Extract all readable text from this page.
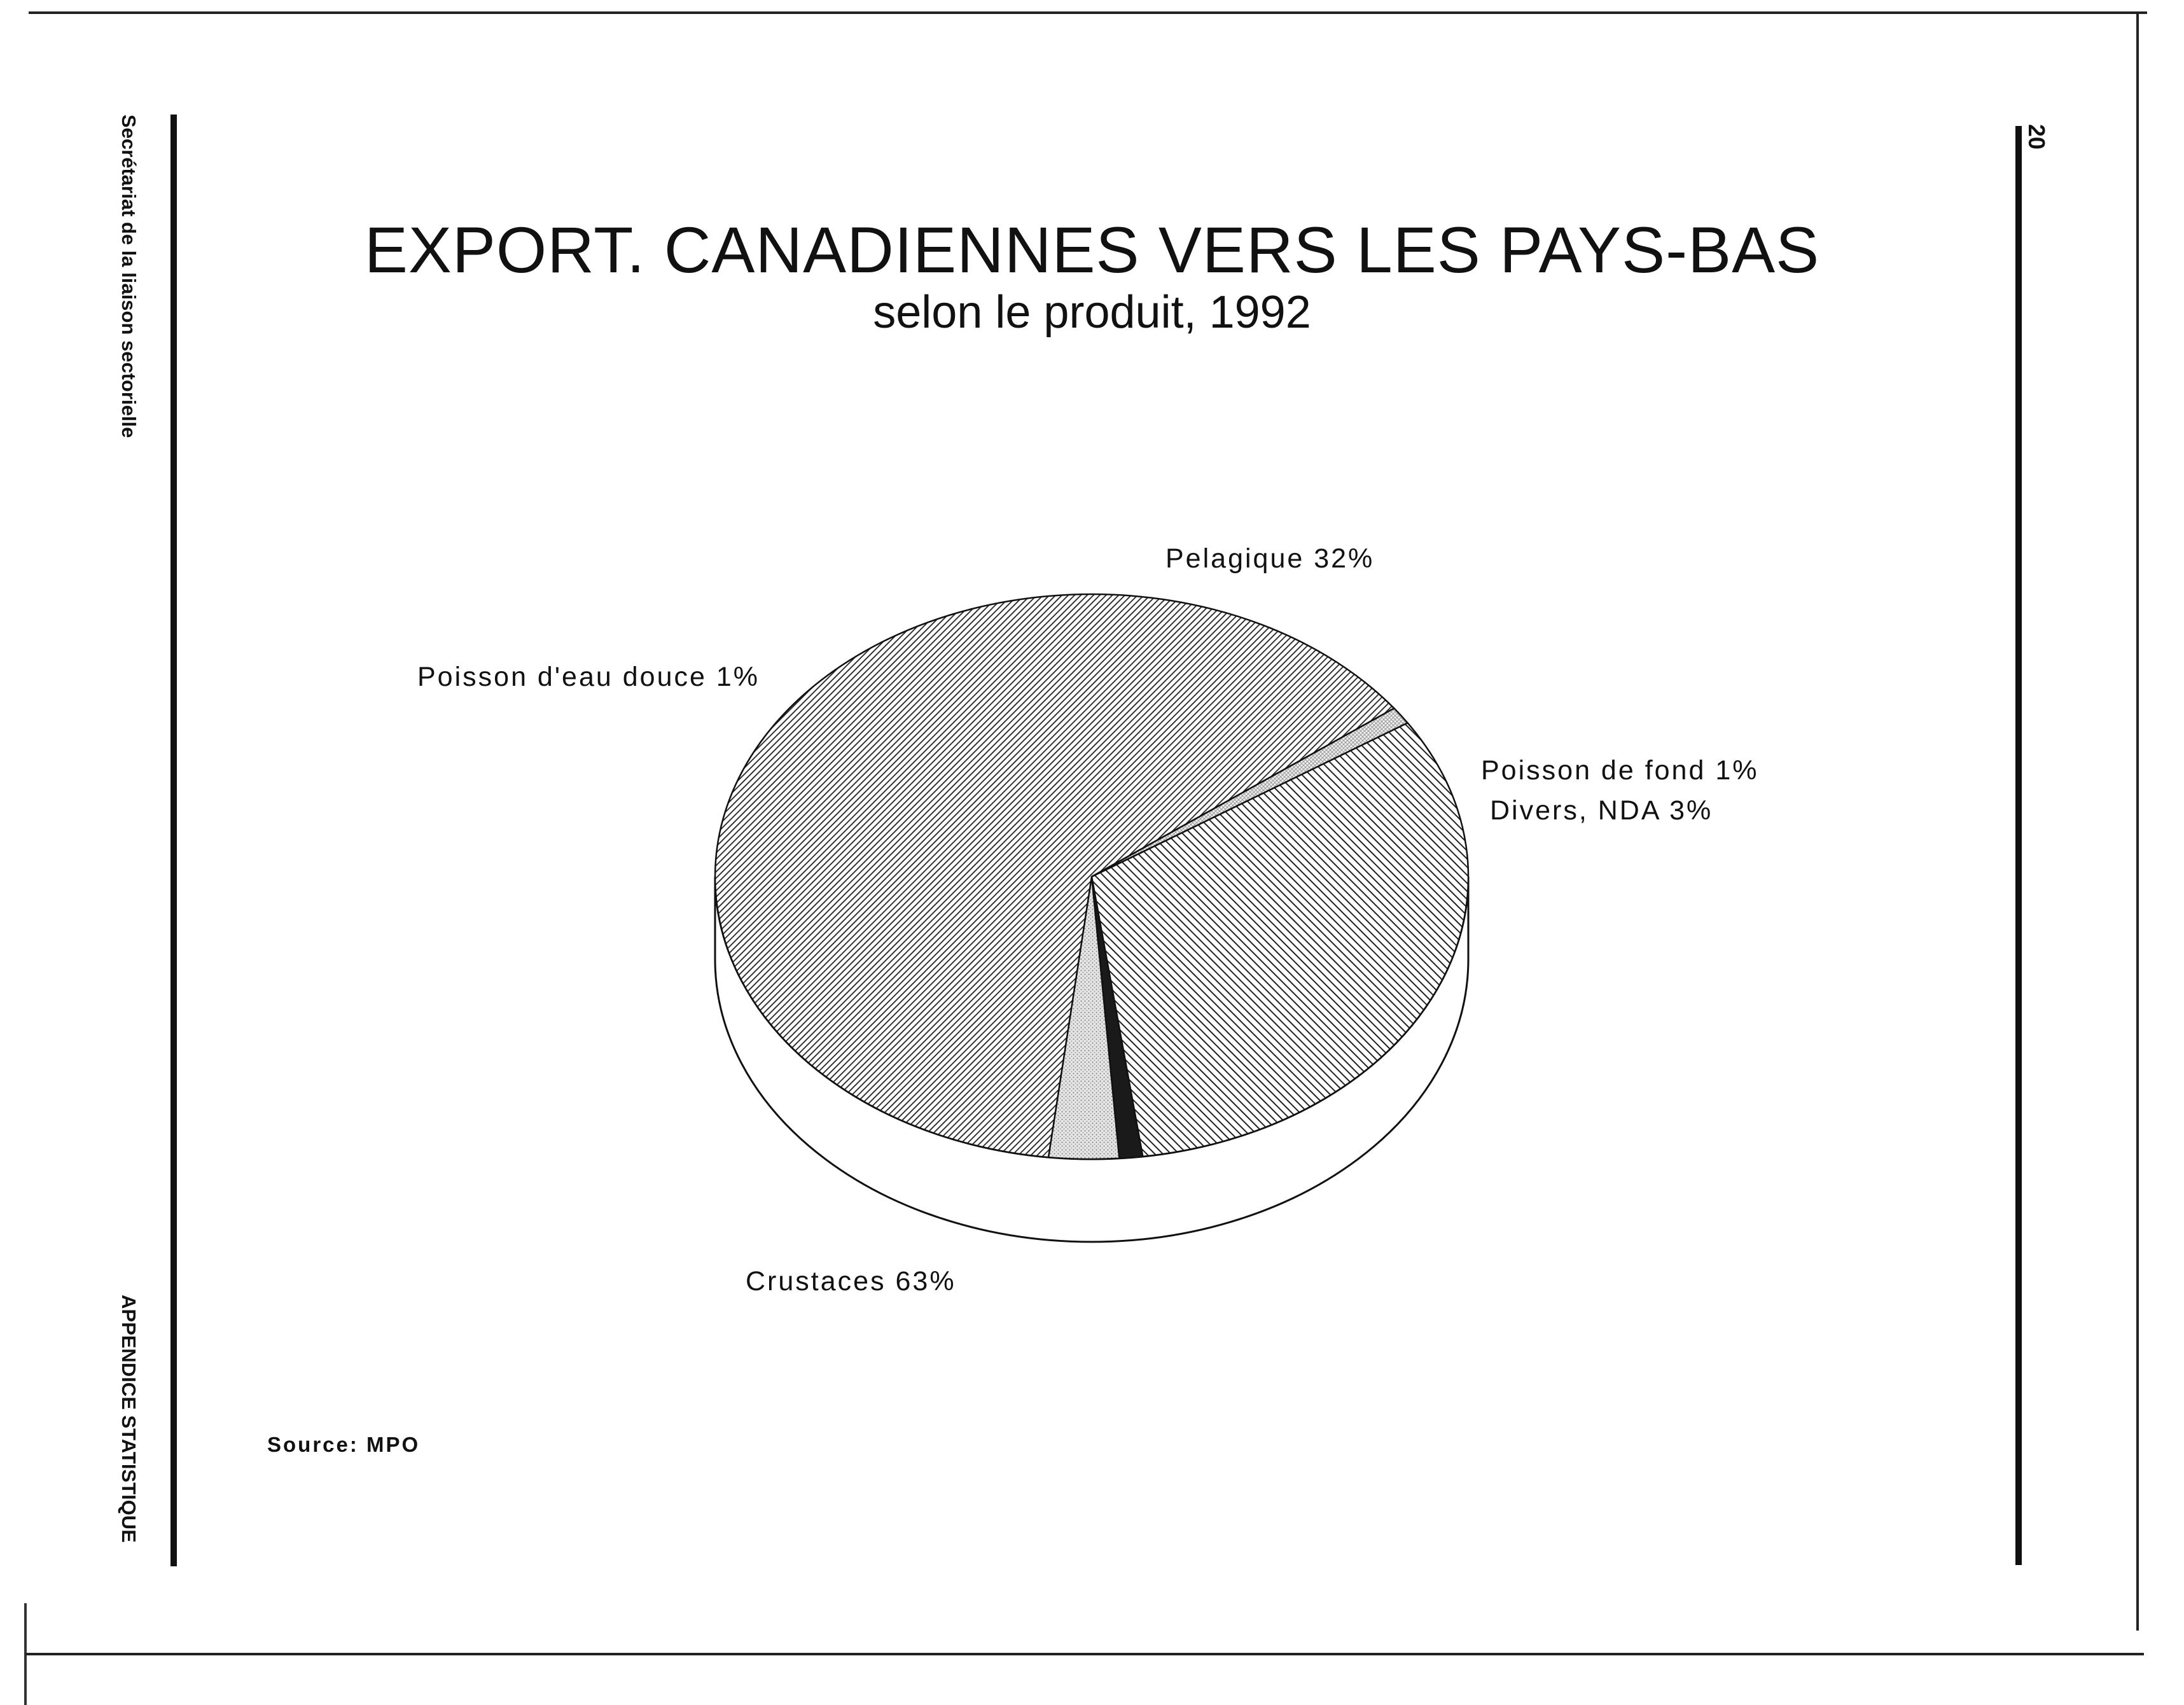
Secrétariat de la liaison sectorielle
APPENDICE STATISTIQUE
20
EXPORT. CANADIENNES VERS LES PAYS-BAS
selon le produit, 1992
Pelagique 32%
Poisson de fond 1%
Divers, NDA 3%
Crustaces 63%
Poisson d'eau douce 1%
Source: MPO
